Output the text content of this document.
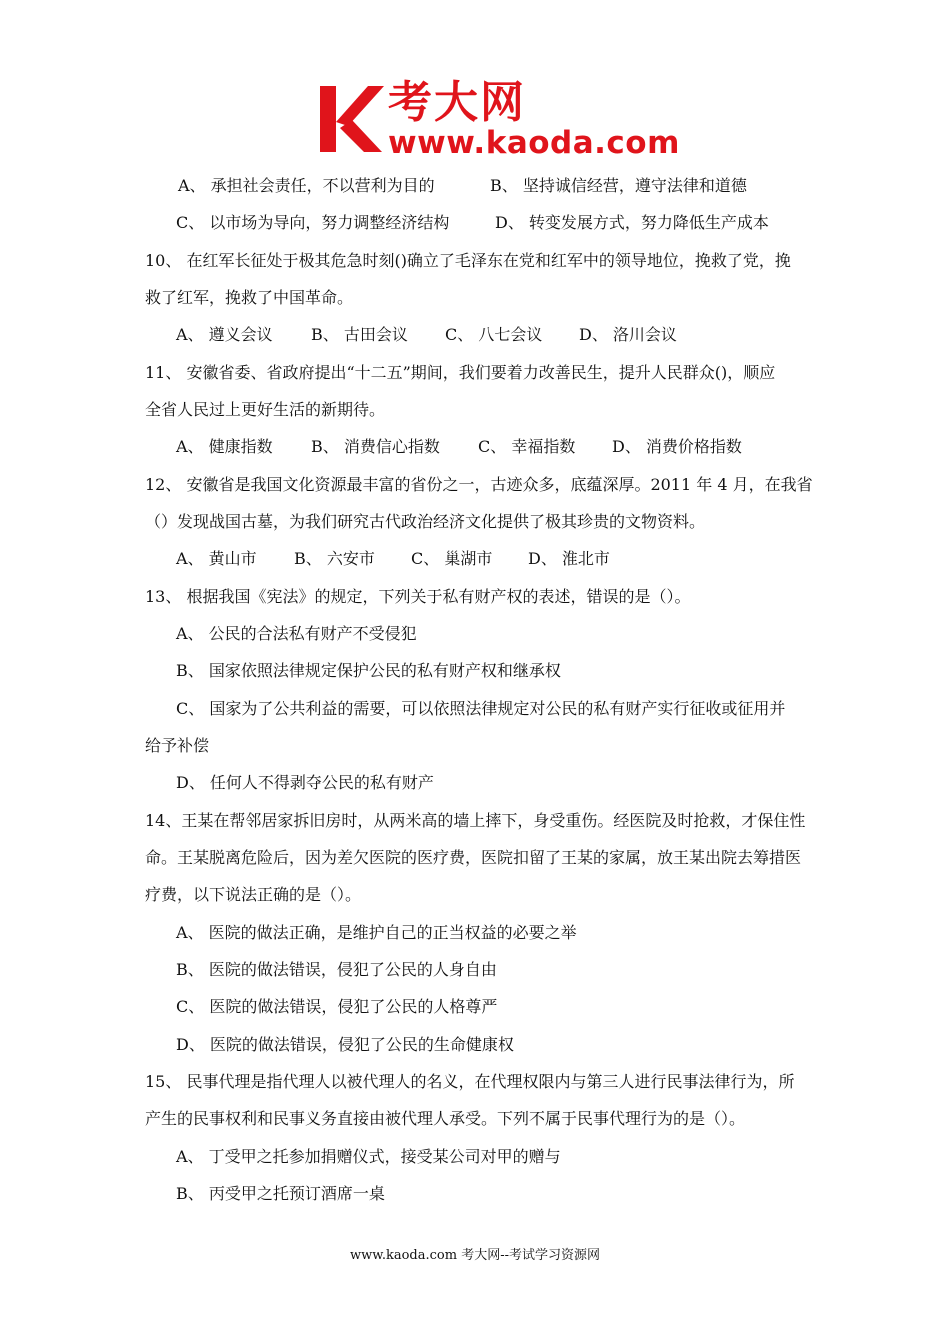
考大网
www.kaoda.com
A、 承担社会责任，不以营利为目的	B、 坚持诚信经营，遵守法律和道德
C、 以市场为导向，努力调整经济结构	D、 转变发展方式，努力降低生产成本
10、 在红军长征处于极其危急时刻()确立了毛泽东在党和红军中的领导地位，挽救了党，挽
救了红军，挽救了中国革命。
A、 遵义会议 B、 古田会议 C、 八七会议 D、 洛川会议
11、 安徽省委、省政府提出“十二五”期间，我们要着力改善民生，提升人民群众()，顺应
全省人民过上更好生活的新期待。
A、 健康指数 B、 消费信心指数 C、 幸福指数 D、 消费价格指数
12、 安徽省是我国文化资源最丰富的省份之一，古迹众多，底蕴深厚。2011 年 4 月，在我省
（）发现战国古墓，为我们研究古代政治经济文化提供了极其珍贵的文物资料。
A、 黄山市 B、 六安市 C、 巢湖市 D、 淮北市
13、 根据我国《宪法》的规定，下列关于私有财产权的表述，错误的是（）。
A、 公民的合法私有财产不受侵犯
B、 国家依照法律规定保护公民的私有财产权和继承权
C、 国家为了公共利益的需要，可以依照法律规定对公民的私有财产实行征收或征用并
给予补偿
D、 任何人不得剥夺公民的私有财产
14、王某在帮邻居家拆旧房时，从两米高的墙上摔下，身受重伤。经医院及时抢救，才保住性
命。王某脱离危险后，因为差欠医院的医疗费，医院扣留了王某的家属，放王某出院去筹措医
疗费，以下说法正确的是（）。
A、 医院的做法正确，是维护自己的正当权益的必要之举
B、 医院的做法错误，侵犯了公民的人身自由
C、 医院的做法错误，侵犯了公民的人格尊严
D、 医院的做法错误，侵犯了公民的生命健康权
15、 民事代理是指代理人以被代理人的名义，在代理权限内与第三人进行民事法律行为，所
产生的民事权利和民事义务直接由被代理人承受。下列不属于民事代理行为的是（）。
A、 丁受甲之托参加捐赠仪式，接受某公司对甲的赠与
B、 丙受甲之托预订酒席一桌
www.kaoda.com 考大网--考试学习资源网
